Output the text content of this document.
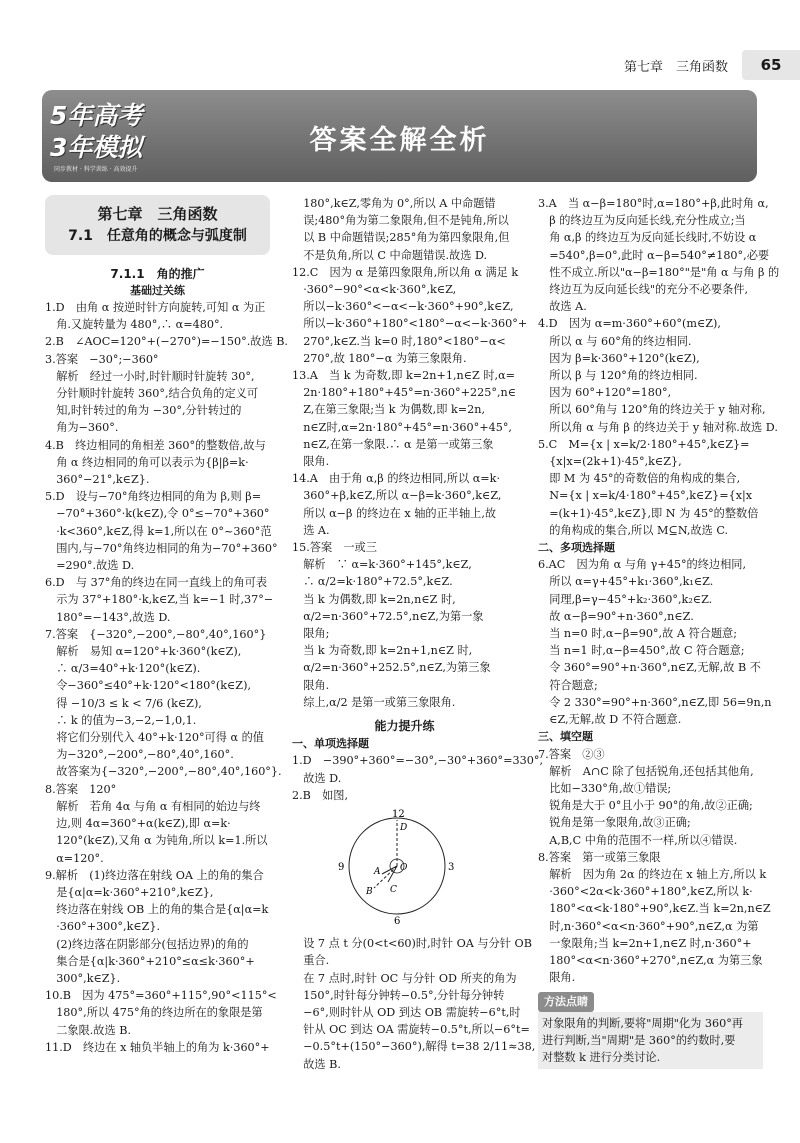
第七章　三角函数	65
答案全解全析
5年高考
3年模拟
同步教材 · 科学训练 · 高效提升
第七章　三角函数
7.1　任意角的概念与弧度制
7.1.1　角的推广
基础过关练
1.D　由角 α 按逆时针方向旋转,可知 α 为正
　角.又旋转量为 480°,∴ α=480°.
2.B　∠AOC=120°+(−270°)=−150°.故选 B.
3.答案　−30°;−360°
　解析　经过一小时,时针顺时针旋转 30°,
　分针顺时针旋转 360°,结合负角的定义可
　知,时针转过的角为 −30°,分针转过的
　角为−360°.
4.B　终边相同的角相差 360°的整数倍,故与
　角 α 终边相同的角可以表示为{β|β=k·
　360°−21°,k∈Z}.
5.D　设与−70°角终边相同的角为 β,则 β=
　−70°+360°·k(k∈Z),令 0°≤−70°+360°
　·k<360°,k∈Z,得 k=1,所以在 0°~360°范
　围内,与−70°角终边相同的角为−70°+360°
　=290°.故选 D.
6.D　与 37°角的终边在同一直线上的角可表
　示为 37°+180°·k,k∈Z,当 k=−1 时,37°−
　180°=−143°,故选 D.
7.答案　{−320°,−200°,−80°,40°,160°}
　解析　易知 α=120°+k·360°(k∈Z),
　∴ α/3=40°+k·120°(k∈Z).
　令−360°≤40°+k·120°<180°(k∈Z),
　得 −10/3 ≤ k < 7/6 (k∈Z),
　∴ k 的值为−3,−2,−1,0,1.
　将它们分别代入 40°+k·120°可得 α 的值
　为−320°,−200°,−80°,40°,160°.
　故答案为{−320°,−200°,−80°,40°,160°}.
8.答案　120°
　解析　若角 4α 与角 α 有相同的始边与终
　边,则 4α=360°+α(k∈Z),即 α=k·
　120°(k∈Z),又角 α 为钝角,所以 k=1.所以
　α=120°.
9.解析　(1)终边落在射线 OA 上的角的集合
　是{α|α=k·360°+210°,k∈Z},
　终边落在射线 OB 上的角的集合是{α|α=k
　·360°+300°,k∈Z}.
　(2)终边落在阴影部分(包括边界)的角的
　集合是{α|k·360°+210°≤α≤k·360°+
　300°,k∈Z}.
10.B　因为 475°=360°+115°,90°<115°<
　180°,所以 475°角的终边所在的象限是第
　二象限.故选 B.
11.D　终边在 x 轴负半轴上的角为 k·360°+
　180°,k∈Z,零角为 0°,所以 A 中命题错
　误;480°角为第二象限角,但不是钝角,所以
　以 B 中命题错误;285°角为第四象限角,但
　不是负角,所以 C 中命题错误.故选 D.
12.C　因为 α 是第四象限角,所以角 α 满足 k
　·360°−90°<α<k·360°,k∈Z,
　所以−k·360°<−α<−k·360°+90°,k∈Z,
　所以−k·360°+180°<180°−α<−k·360°+
　270°,k∈Z.当 k=0 时,180°<180°−α<
　270°,故 180°−α 为第三象限角.
13.A　当 k 为奇数,即 k=2n+1,n∈Z 时,α=
　2n·180°+180°+45°=n·360°+225°,n∈
　Z,在第三象限;当 k 为偶数,即 k=2n,
　n∈Z时,α=2n·180°+45°=n·360°+45°,
　n∈Z,在第一象限.∴ α 是第一或第三象
　限角.
14.A　由于角 α,β 的终边相同,所以 α=k·
　360°+β,k∈Z,所以 α−β=k·360°,k∈Z,
　所以 α−β 的终边在 x 轴的正半轴上,故
　选 A.
15.答案　一或三
　解析　∵ α=k·360°+145°,k∈Z,
　∴ α/2=k·180°+72.5°,k∈Z.
　当 k 为偶数,即 k=2n,n∈Z 时,
　α/2=n·360°+72.5°,n∈Z,为第一象
　限角;
　当 k 为奇数,即 k=2n+1,n∈Z 时,
　α/2=n·360°+252.5°,n∈Z,为第三象
　限角.
　综上,α/2 是第一或第三象限角.
能力提升练
一、单项选择题
1.D　−390°+360°=−30°,−30°+360°=330°,
　故选 D.
2.B　如图,
12
3
6
9
D
O
A
B C
　设 7 点 t 分(0<t<60)时,时针 OA 与分针 OB
　重合.
　在 7 点时,时针 OC 与分针 OD 所夹的角为
　150°,时针每分钟转−0.5°,分针每分钟转
　−6°,则时针从 OD 到达 OB 需旋转−6°t,时
　针从 OC 到达 OA 需旋转−0.5°t,所以−6°t=
　−0.5°t+(150°−360°),解得 t=38 2/11≈38,
　故选 B.
3.A　当 α−β=180°时,α=180°+β,此时角 α,
　β 的终边互为反向延长线,充分性成立;当
　角 α,β 的终边互为反向延长线时,不妨设 α
　=540°,β=0°,此时 α−β=540°≠180°,必要
　性不成立.所以"α−β=180°"是"角 α 与角 β 的
　终边互为反向延长线"的充分不必要条件,
　故选 A.
4.D　因为 α=m·360°+60°(m∈Z),
　所以 α 与 60°角的终边相同.
　因为 β=k·360°+120°(k∈Z),
　所以 β 与 120°角的终边相同.
　因为 60°+120°=180°,
　所以 60°角与 120°角的终边关于 y 轴对称,
　所以角 α 与角 β 的终边关于 y 轴对称.故选 D.
5.C　M={x | x=k/2·180°+45°,k∈Z}=
　{x|x=(2k+1)·45°,k∈Z},
　即 M 为 45°的奇数倍的角构成的集合,
　N={x | x=k/4·180°+45°,k∈Z}={x|x
　=(k+1)·45°,k∈Z},即 N 为 45°的整数倍
　的角构成的集合,所以 M⊆N,故选 C.
二、多项选择题
6.AC　因为角 α 与角 γ+45°的终边相同,
　所以 α=γ+45°+k₁·360°,k₁∈Z.
　同理,β=γ−45°+k₂·360°,k₂∈Z.
　故 α−β=90°+n·360°,n∈Z.
　当 n=0 时,α−β=90°,故 A 符合题意;
　当 n=1 时,α−β=450°,故 C 符合题意;
　令 360°=90°+n·360°,n∈Z,无解,故 B 不
　符合题意;
　令 2 330°=90°+n·360°,n∈Z,即 56=9n,n
　∈Z,无解,故 D 不符合题意.
三、填空题
7.答案　②③
　解析　A∩C 除了包括锐角,还包括其他角,
　比如−330°角,故①错误;
　锐角是大于 0°且小于 90°的角,故②正确;
　锐角是第一象限角,故③正确;
　A,B,C 中角的范围不一样,所以④错误.
8.答案　第一或第三象限
　解析　因为角 2α 的终边在 x 轴上方,所以 k
　·360°<2α<k·360°+180°,k∈Z,所以 k·
　180°<α<k·180°+90°,k∈Z.当 k=2n,n∈Z
　时,n·360°<α<n·360°+90°,n∈Z,α 为第
　一象限角;当 k=2n+1,n∈Z 时,n·360°+
　180°<α<n·360°+270°,n∈Z,α 为第三象
　限角.
方法点睛
对象限角的判断,要将"周期"化为 360°再
进行判断,当"周期"是 360°的约数时,要
对整数 k 进行分类讨论.
